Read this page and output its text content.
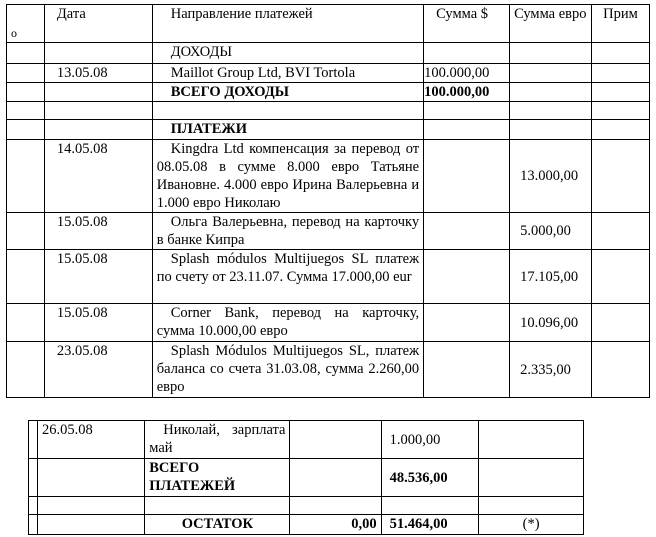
о	Дата	Направление платежей	Сумма $	Сумма евро	Прим
		ДОХОДЫ			
	13.05.08	Maillot Group Ltd, BVI Tortola	100.000,00		
		ВСЕГО ДОХОДЫ	100.000,00		

		ПЛАТЕЖИ			
	14.05.08	Kingdra Ltd компенсация за перевод от 08.05.08 в сумме 8.000 евро Татьяне Ивановне. 4.000 евро Ирина Валерьевна и 1.000 евро Николаю		13.000,00	
	15.05.08	Ольга Валерьевна, перевод на карточку в банке Кипра		5.000,00	
	15.05.08	Splash módulos Multijuegos SL платеж по счету от 23.11.07. Сумма 17.000,00 eur		17.105,00	
	15.05.08	Corner Bank, перевод на карточку, сумма 10.000,00 евро		10.096,00	
	23.05.08	Splash Módulos Multijuegos SL, платеж баланса со счета 31.03.08, сумма 2.260,00 евро		2.335,00	
	26.05.08	Николай, зарплата май		1.000,00	
		ВСЕГО ПЛАТЕЖЕЙ		48.536,00	

		ОСТАТОК	0,00	51.464,00	(*)
